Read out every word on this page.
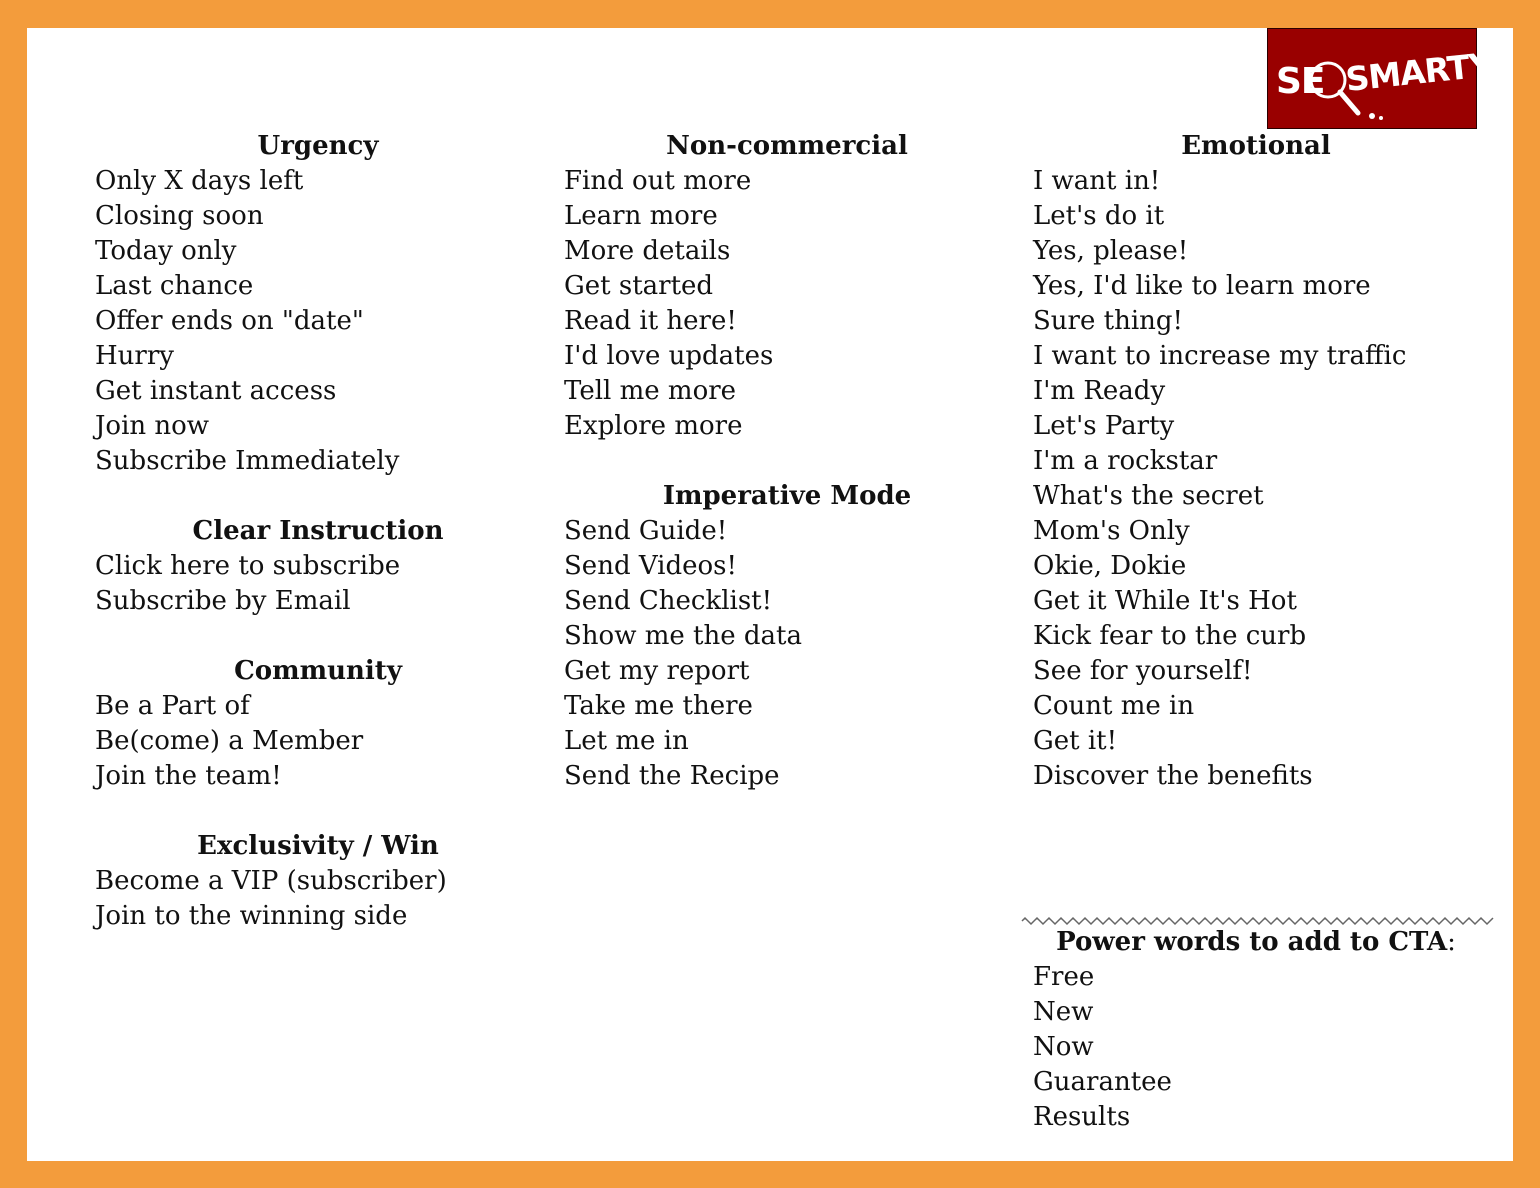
SE SMARTY
Urgency
Only X days left
Closing soon
Today only
Last chance
Offer ends on "date"
Hurry
Get instant access
Join now
Subscribe Immediately
Clear Instruction
Click here to subscribe
Subscribe by Email
Community
Be a Part of
Be(come) a Member
Join the team!
Exclusivity / Win
Become a VIP (subscriber)
Join to the winning side
Non-commercial
Find out more
Learn more
More details
Get started
Read it here!
I'd love updates
Tell me more
Explore more
Imperative Mode
Send Guide!
Send Videos!
Send Checklist!
Show me the data
Get my report
Take me there
Let me in
Send the Recipe
Emotional
I want in!
Let's do it
Yes, please!
Yes, I'd like to learn more
Sure thing!
I want to increase my traffic
I'm Ready
Let's Party
I'm a rockstar
What's the secret
Mom's Only
Okie, Dokie
Get it While It's Hot
Kick fear to the curb
See for yourself!
Count me in
Get it!
Discover the benefits
Power words to add to CTA:
Free
New
Now
Guarantee
Results
